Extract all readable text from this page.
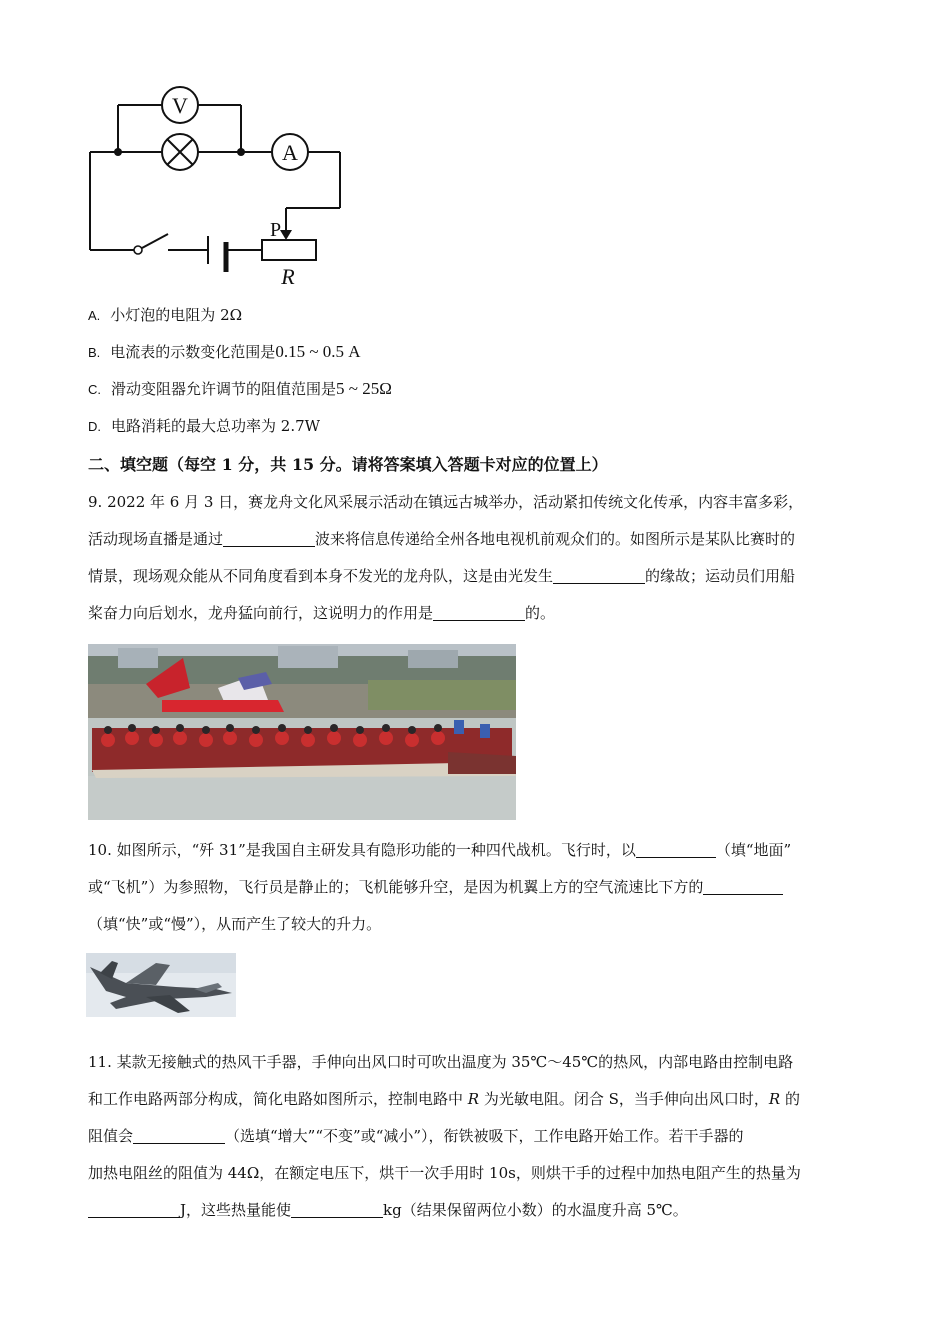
V
A
P
R
A. 小灯泡的电阻为 2Ω
B. 电流表的示数变化范围是0.15 ~ 0.5 A
C. 滑动变阻器允许调节的阻值范围是5 ~ 25Ω
D. 电路消耗的最大总功率为 2.7W
二、填空题（每空 1 分，共 15 分。请将答案填入答题卡对应的位置上）
9. 2022 年 6 月 3 日，赛龙舟文化风采展示活动在镇远古城举办，活动紧扣传统文化传承，内容丰富多彩，
活动现场直播是通过	波来将信息传递给全州各地电视机前观众们的。如图所示是某队比赛时的
情景，现场观众能从不同角度看到本身不发光的龙舟队，这是由光发生	的缘故；运动员们用船
桨奋力向后划水，龙舟猛向前行，这说明力的作用是	的。
10. 如图所示，“歼 31”是我国自主研发具有隐形功能的一种四代战机。飞行时，以	（填“地面”
或“飞机”）为参照物，飞行员是静止的；飞机能够升空，是因为机翼上方的空气流速比下方的
（填“快”或“慢”），从而产生了较大的升力。
11. 某款无接触式的热风干手器，手伸向出风口时可吹出温度为 35℃～45℃的热风，内部电路由控制电路
和工作电路两部分构成，简化电路如图所示，控制电路中 R 为光敏电阻。闭合 S，当手伸向出风口时，R 的
阻值会	（选填“增大”“不变”或“减小”），衔铁被吸下，工作电路开始工作。若干手器的
加热电阻丝的阻值为 44Ω，在额定电压下，烘干一次手用时 10s，则烘干手的过程中加热电阻产生的热量为
J，这些热量能使	kg（结果保留两位小数）的水温度升高 5℃。
